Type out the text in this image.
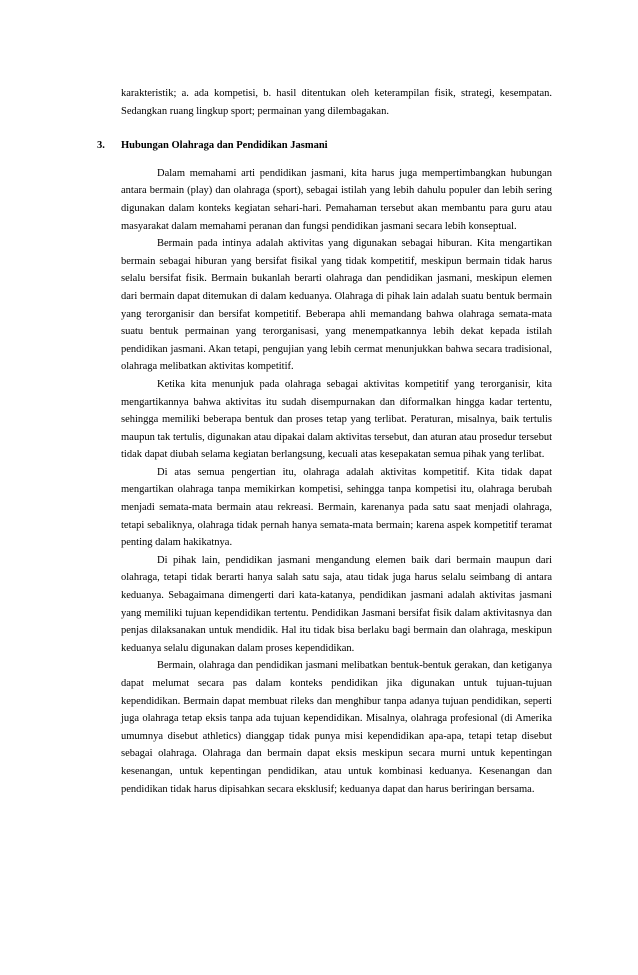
karakteristik; a. ada kompetisi, b. hasil ditentukan oleh keterampilan fisik, strategi, kesempatan. Sedangkan ruang lingkup sport; permainan yang dilembagakan.

3. Hubungan Olahraga dan Pendidikan Jasmani

Dalam memahami arti pendidikan jasmani, kita harus juga mempertimbangkan hubungan antara bermain (play) dan olahraga (sport), sebagai istilah yang lebih dahulu populer dan lebih sering digunakan dalam konteks kegiatan sehari-hari. Pemahaman tersebut akan membantu para guru atau masyarakat dalam memahami peranan dan fungsi pendidikan jasmani secara lebih konseptual.

Bermain pada intinya adalah aktivitas yang digunakan sebagai hiburan. Kita mengartikan bermain sebagai hiburan yang bersifat fisikal yang tidak kompetitif, meskipun bermain tidak harus selalu bersifat fisik. Bermain bukanlah berarti olahraga dan pendidikan jasmani, meskipun elemen dari bermain dapat ditemukan di dalam keduanya. Olahraga di pihak lain adalah suatu bentuk bermain yang terorganisir dan bersifat kompetitif. Beberapa ahli memandang bahwa olahraga semata-mata suatu bentuk permainan yang terorganisasi, yang menempatkannya lebih dekat kepada istilah pendidikan jasmani. Akan tetapi, pengujian yang lebih cermat menunjukkan bahwa secara tradisional, olahraga melibatkan aktivitas kompetitif.

Ketika kita menunjuk pada olahraga sebagai aktivitas kompetitif yang terorganisir, kita mengartikannya bahwa aktivitas itu sudah disempurnakan dan diformalkan hingga kadar tertentu, sehingga memiliki beberapa bentuk dan proses tetap yang terlibat. Peraturan, misalnya, baik tertulis maupun tak tertulis, digunakan atau dipakai dalam aktivitas tersebut, dan aturan atau prosedur tersebut tidak dapat diubah selama kegiatan berlangsung, kecuali atas kesepakatan semua pihak yang terlibat.

Di atas semua pengertian itu, olahraga adalah aktivitas kompetitif. Kita tidak dapat mengartikan olahraga tanpa memikirkan kompetisi, sehingga tanpa kompetisi itu, olahraga berubah menjadi semata-mata bermain atau rekreasi. Bermain, karenanya pada satu saat menjadi olahraga, tetapi sebaliknya, olahraga tidak pernah hanya semata-mata bermain; karena aspek kompetitif teramat penting dalam hakikatnya.

Di pihak lain, pendidikan jasmani mengandung elemen baik dari bermain maupun dari olahraga, tetapi tidak berarti hanya salah satu saja, atau tidak juga harus selalu seimbang di antara keduanya. Sebagaimana dimengerti dari kata-katanya, pendidikan jasmani adalah aktivitas jasmani yang memiliki tujuan kependidikan tertentu. Pendidikan Jasmani bersifat fisik dalam aktivitasnya dan penjas dilaksanakan untuk mendidik. Hal itu tidak bisa berlaku bagi bermain dan olahraga, meskipun keduanya selalu digunakan dalam proses kependidikan.

Bermain, olahraga dan pendidikan jasmani melibatkan bentuk-bentuk gerakan, dan ketiganya dapat melumat secara pas dalam konteks pendidikan jika digunakan untuk tujuan-tujuan kependidikan. Bermain dapat membuat rileks dan menghibur tanpa adanya tujuan pendidikan, seperti juga olahraga tetap eksis tanpa ada tujuan kependidikan. Misalnya, olahraga profesional (di Amerika umumnya disebut athletics) dianggap tidak punya misi kependidikan apa-apa, tetapi tetap disebut sebagai olahraga. Olahraga dan bermain dapat eksis meskipun secara murni untuk kepentingan kesenangan, untuk kepentingan pendidikan, atau untuk kombinasi keduanya. Kesenangan dan pendidikan tidak harus dipisahkan secara eksklusif; keduanya dapat dan harus beriringan bersama.
